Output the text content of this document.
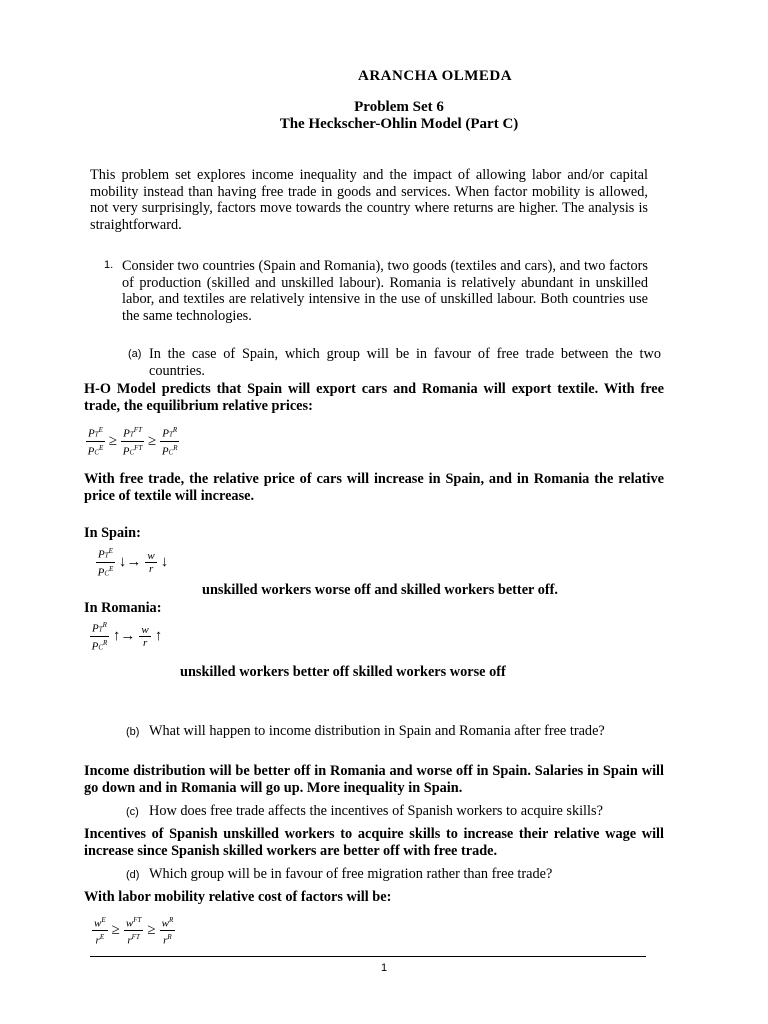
ARANCHA OLMEDA
Problem Set 6
The Heckscher-Ohlin Model (Part C)
This problem set explores income inequality and the impact of allowing labor and/or capital mobility instead than having free trade in goods and services. When factor mobility is allowed, not very surprisingly, factors move towards the country where returns are higher. The analysis is straightforward.
1. Consider two countries (Spain and Romania), two goods (textiles and cars), and two factors of production (skilled and unskilled labour). Romania is relatively abundant in unskilled labor, and textiles are relatively intensive in the use of unskilled labour. Both countries use the same technologies.
(a) In the case of Spain, which group will be in favour of free trade between the two countries.
H-O Model predicts that Spain will export cars and Romania will export textile. With free trade, the equilibrium relative prices:
$\frac{PT^E}{PC^E} \ge \frac{PT^{FT}}{PC^{FT}} \ge \frac{PT^R}{PC^R}$
With free trade, the relative price of cars will increase in Spain, and in Romania the relative price of textile will increase.
In Spain:
$\frac{PT^E}{PC^E}$ ↓→ $\frac{w}{r}$ ↓
unskilled workers worse off and skilled workers better off.
In Romania:
$\frac{PT^R}{PC^R}$ ↑→ $\frac{w}{r}$ ↑
unskilled workers better off skilled workers worse off
(b) What will happen to income distribution in Spain and Romania after free trade?
Income distribution will be better off in Romania and worse off in Spain. Salaries in Spain will go down and in Romania will go up. More inequality in Spain.
(c) How does free trade affects the incentives of Spanish workers to acquire skills?
Incentives of Spanish unskilled workers to acquire skills to increase their relative wage will increase since Spanish skilled workers are better off with free trade.
(d) Which group will be in favour of free migration rather than free trade?
With labor mobility relative cost of factors will be:
$\frac{w^E}{r^E} \ge \frac{w^{FT}}{r^{FT}} \ge \frac{w^R}{r^R}$
1
